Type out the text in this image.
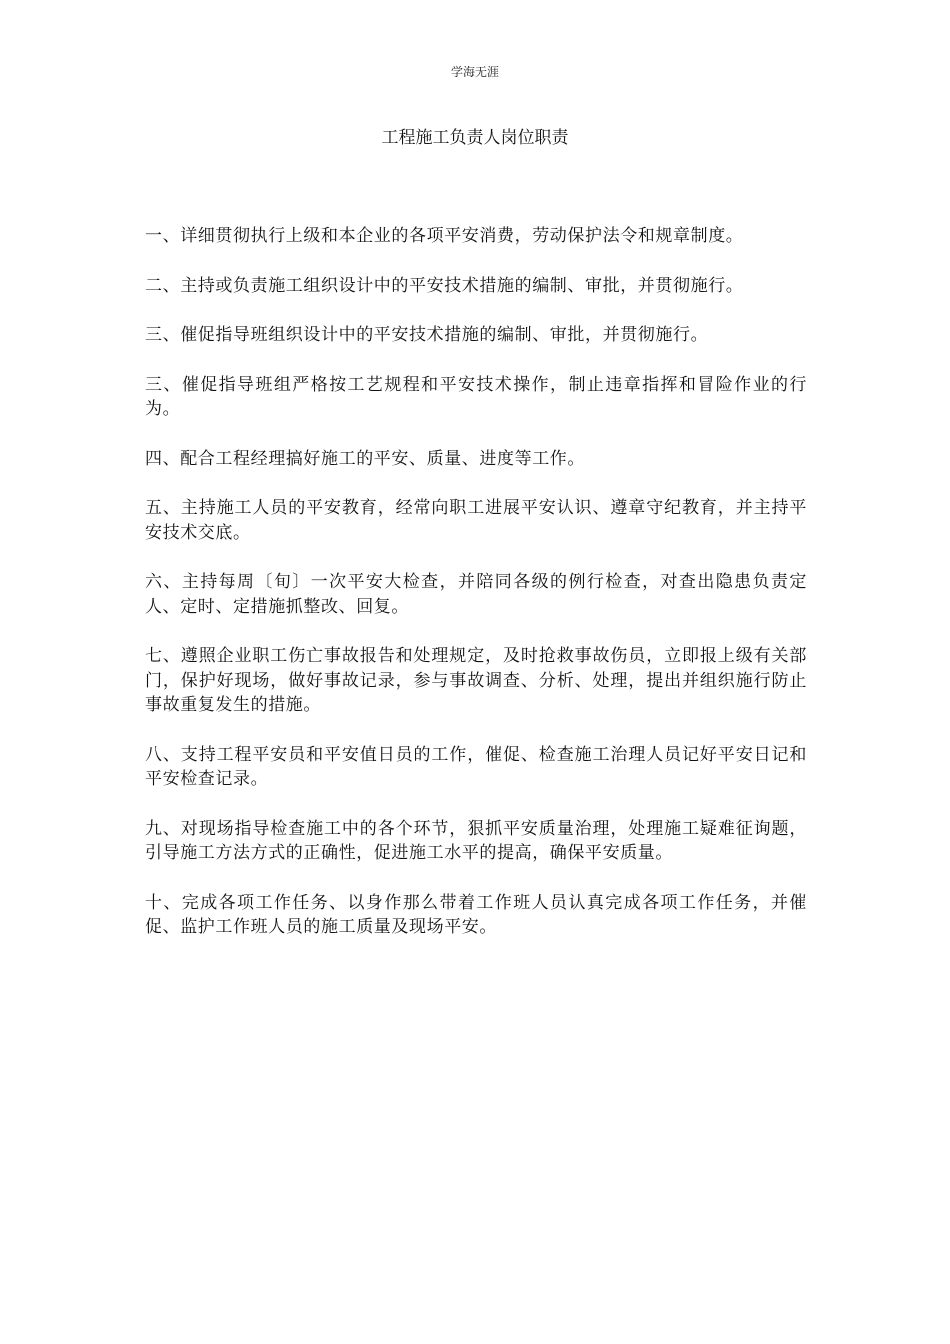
学海无涯
工程施工负责人岗位职责

一、详细贯彻执行上级和本企业的各项平安消费，劳动保护法令和规章制度。

二、主持或负责施工组织设计中的平安技术措施的编制、审批，并贯彻施行。

三、催促指导班组织设计中的平安技术措施的编制、审批，并贯彻施行。

三、催促指导班组严格按工艺规程和平安技术操作，制止违章指挥和冒险作业的行为。

四、配合工程经理搞好施工的平安、质量、进度等工作。

五、主持施工人员的平安教育，经常向职工进展平安认识、遵章守纪教育，并主持平安技术交底。

六、主持每周〔旬〕一次平安大检查，并陪同各级的例行检查，对查出隐患负责定人、定时、定措施抓整改、回复。

七、遵照企业职工伤亡事故报告和处理规定，及时抢救事故伤员，立即报上级有关部门，保护好现场，做好事故记录，参与事故调查、分析、处理，提出并组织施行防止事故重复发生的措施。

八、支持工程平安员和平安值日员的工作，催促、检查施工治理人员记好平安日记和平安检查记录。

九、对现场指导检查施工中的各个环节，狠抓平安质量治理，处理施工疑难征询题，引导施工方法方式的正确性，促进施工水平的提高，确保平安质量。

十、完成各项工作任务、以身作那么带着工作班人员认真完成各项工作任务，并催促、监护工作班人员的施工质量及现场平安。
